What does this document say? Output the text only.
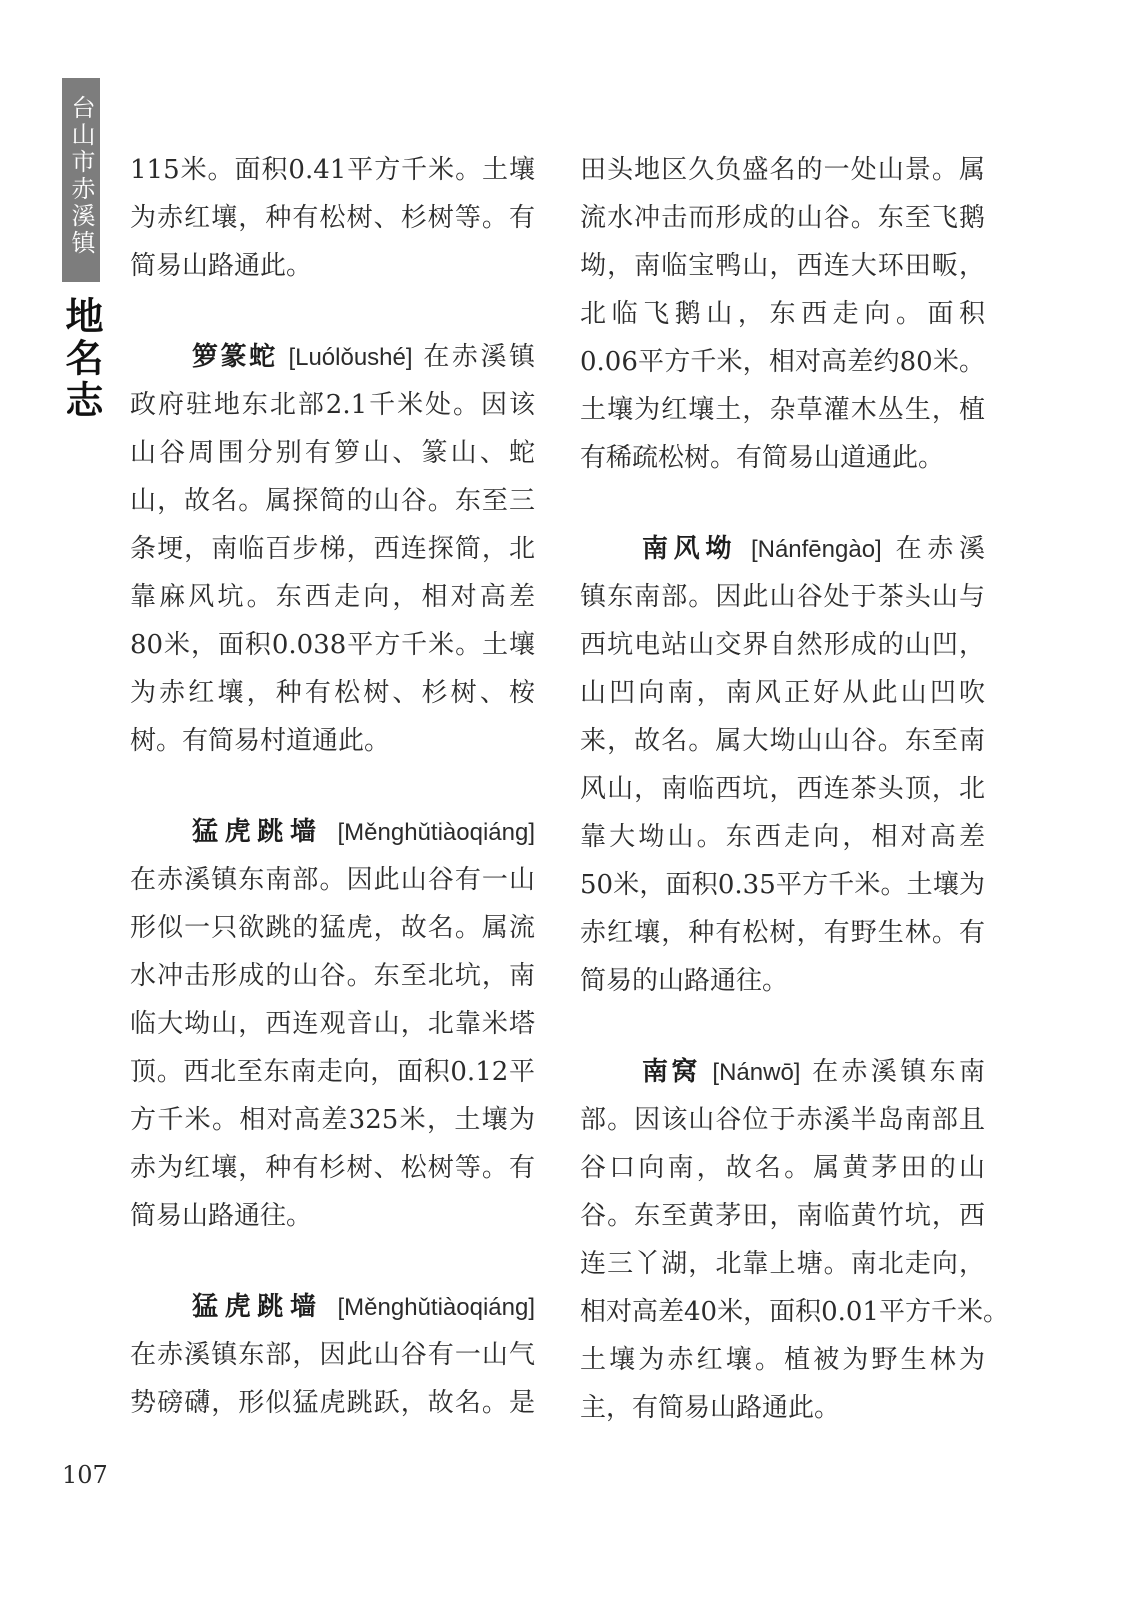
台山市赤溪镇
地名志
115米。面积0.41平方千米。土壤
为赤红壤，种有松树、杉树等。有
简易山路通此。
箩篆蛇 [Luólǒushé] 在赤溪镇
政府驻地东北部2.1千米处。因该
山谷周围分别有箩山、篆山、蛇
山，故名。属探简的山谷。东至三
条埂，南临百步梯，西连探简，北
靠麻风坑。东西走向，相对高差
80米，面积0.038平方千米。土壤
为赤红壤，种有松树、杉树、桉
树。有简易村道通此。
猛虎跳墙 [Měnghǔtiàoqiáng]
在赤溪镇东南部。因此山谷有一山
形似一只欲跳的猛虎，故名。属流
水冲击形成的山谷。东至北坑，南
临大坳山，西连观音山，北靠米塔
顶。西北至东南走向，面积0.12平
方千米。相对高差325米，土壤为
赤为红壤，种有杉树、松树等。有
简易山路通往。
猛虎跳墙 [Měnghǔtiàoqiáng]
在赤溪镇东部，因此山谷有一山气
势磅礴，形似猛虎跳跃，故名。是
田头地区久负盛名的一处山景。属
流水冲击而形成的山谷。东至飞鹅
坳，南临宝鸭山，西连大环田畈，
北临飞鹅山，东西走向。面积
0.06平方千米，相对高差约80米。
土壤为红壤土，杂草灌木丛生，植
有稀疏松树。有简易山道通此。
南风坳 [Nánfēngào] 在赤溪
镇东南部。因此山谷处于茶头山与
西坑电站山交界自然形成的山凹，
山凹向南，南风正好从此山凹吹
来，故名。属大坳山山谷。东至南
风山，南临西坑，西连茶头顶，北
靠大坳山。东西走向，相对高差
50米，面积0.35平方千米。土壤为
赤红壤，种有松树，有野生林。有
简易的山路通往。
南窝 [Nánwō] 在赤溪镇东南
部。因该山谷位于赤溪半岛南部且
谷口向南，故名。属黄茅田的山
谷。东至黄茅田，南临黄竹坑，西
连三丫湖，北靠上塘。南北走向，
相对高差40米，面积0.01平方千米。
土壤为赤红壤。植被为野生林为
主，有简易山路通此。
107
